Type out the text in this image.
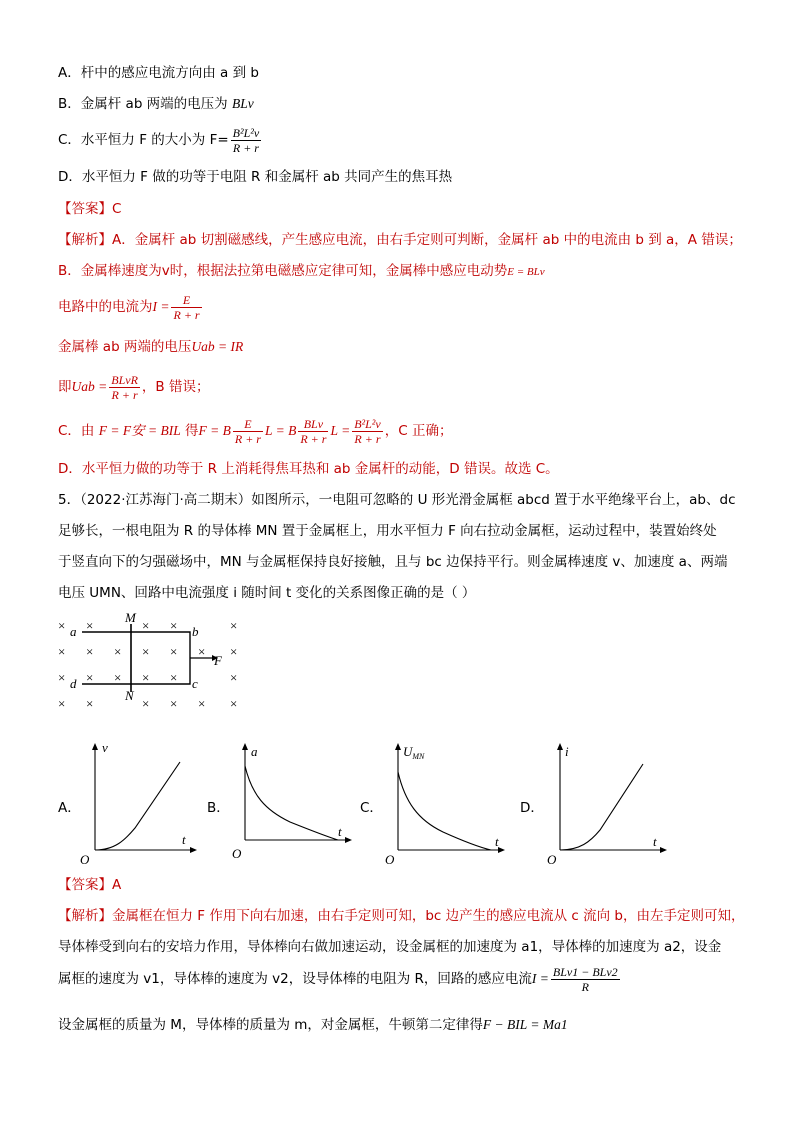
A．杆中的感应电流方向由 a 到 b
B．金属杆 ab 两端的电压为 BLv
C．水平恒力 F 的大小为 $F= \frac{\text{B²L²v}}{R + r}$
D．水平恒力 F 做的功等于电阻 R 和金属杆 ab 共同产生的焦耳热
【答案】C
【解析】A．金属杆 ab 切割磁感线，产生感应电流，由右手定则可判断，金属杆 ab 中的电流由 b 到 a，A 错误；
B．金属棒速度为v时，根据法拉第电磁感应定律可知，金属棒中感应电动势E = BLv
电路中的电流为$I = \frac{E}{R + r}$
金属棒 ab 两端的电压Uab = IR
即Uab = $\frac{\text{BLvR}}{R + r}$ ，B 错误；
C．由 F = F安 = BIL 得F = B $\frac{E}{R + r}$ L = B $\frac{\text{BLv}}{R + r}$ $L = \frac{\text{B²L²v}}{R + r}$ ，C 正确；
D．水平恒力做的功等于 R 上消耗得焦耳热和 ab 金属杆的动能，D 错误。故选 C。
5．（2022·江苏海门·高二期末）如图所示，一电阻可忽略的 U 形光滑金属框 abcd 置于水平绝缘平台上，ab、dc
足够长，一根电阻为 R 的导体棒 MN 置于金属框上，用水平恒力 F 向右拉动金属框，运动过程中，装置始终处
于竖直向下的匀强磁场中，MN 与金属框保持良好接触，且与 bc 边保持平行。则金属棒速度 v、加速度 a、两端
电压 UMN、回路中电流强度 i 随时间 t 变化的关系图像正确的是（ ）
× ×	× ×	×
× × × × × × ×
× × × × ×	×
× ×	× × × ×
a	b
c
d
M
N
F
A．
v
t
O
B．
a
t
O
C．
$U_{MN}$
t
O
D．
i
t
O
【答案】A
【解析】金属框在恒力 F 作用下向右加速，由右手定则可知，bc 边产生的感应电流从 c 流向 b，由左手定则可知，
导体棒受到向右的安培力作用，导体棒向右做加速运动，设金属框的加速度为 a1，导体棒的加速度为 a2，设金
属框的速度为 v1，导体棒的速度为 v2，设导体棒的电阻为 R，回路的感应电流$I = \frac{\text{BLv1 − BLv2}}{R}$
设金属框的质量为 M，导体棒的质量为 m，对金属框，牛顿第二定律得F − BIL = Ma1
